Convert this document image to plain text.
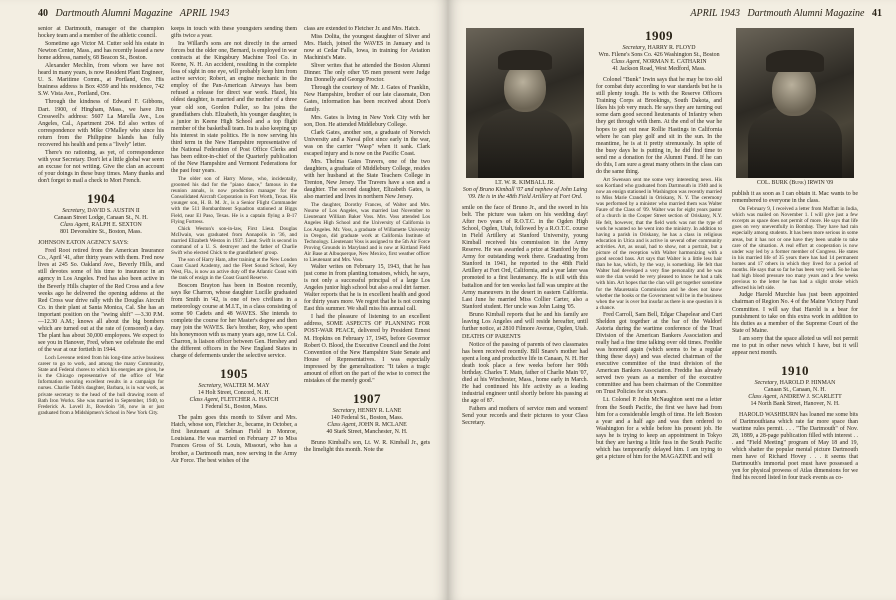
40 Dartmouth Alumni Magazine APRIL 1943

senior at Dartmouth, manager of the champion hockey team and a member of the athletic council.

Sometime ago Victor M. Cutter sold his estate in Newton Center, Mass., and has recently leased a new home address, namely, 68 Beacon St., Boston.

Alexander Mechlin, from whom we have not heard in many years, is now Resident Plant Engineer, U. S. Maritime Comm., at Portland, Ore. His business address is Box 4359 and his residence, 742 S.W. Vista Ave., Portland, Ore.

Through the kindness of Edward F. Gibbons, Dart. 1900, of Hingham, Mass., we have Jim Cresswell's address: 5607 La Marella Ave., Los Angeles, Cal., Apartment 204. Ed also writes of correspondence with Mike O'Malley who since his return from the Philippine Islands has fully recovered his health and pens a "lively" letter.

There's no rationing, as yet, of correspondence with your Secretary. Don't let a little global war seem an excuse for not writing. Give the clan an account of your doings in these busy times. Many thanks and don't forget to mail a check to Mort French.

1904
Secretary, DAVID S. AUSTIN II
Canaan Street Lodge, Canaan St., N. H.
Class Agent, RALPH E. SEXTON
801 Devonshire St., Boston, Mass.

JOHNSON EATON AGENCY SAYS:

Fred Root retired from the American Insurance Co., April '41, after thirty years with them. Fred now lives at 245 So. Oakland Ave., Beverly Hills, and still devotes some of his time to insurance in an agency in Los Angeles. Fred has also been active in the Beverly Hills chapter of the Red Cross and a few weeks ago he delivered the opening address at the Red Cross war drive rally with the Douglas Aircraft Co. in their plant at Santa Monica, Cal. She has an important position on the "swing shift" —3.30 P.M.—12.30 A.M.; knows all about the big bombers which are turned out at the rate of (censored) a day. The plant has about 30,000 employees. We expect to see you in Hanover, Fred, when we celebrate the end of the war at our fortieth in 1944.

Loch Levenne retired from his long-time active business career to go to work, and among the many Community, State and Federal chores to which his energies are given, he is the Chicago representative of the office of War Information securing excellent results in a campaign for nurses. Charlie Tobb's daughter, Barbara, is in war work, as private secretary to the head of the hull drawing room of Bath Iron Works. She was married in September, 1940, to Frederick A. Lovell Jr., Bowdoin '36, now in or just graduated from a Midshipmen's School in New York City.

keeps in touch with these youngsters sending them gifts twice a year.

Ira Willard's sons are not directly in the armed forces but the older one, Bernard, is employed in war contracts at the Kingsbury Machine Tool Co. in Keene, N. H. An accident, resulting in the complete loss of sight in one eye, will probably keep him from active service; Robert, an engine mechanic in the employ of the Pan-American Airways has been refused a release for direct war work. Hazel, his oldest daughter, is married and the mother of a three year old son, Gordon Fuller, so Ira joins the grandfathers club. Elizabeth, his younger daughter, is a junior in Keene High School and a top flight member of the basketball team. Ira is also keeping up his interest in state politics. He is now serving his third term in the New Hampshire representative of the National Federation of Post Office Clerks and has been editor-in-chief of the Quarterly publication of the New Hampshire and Vermont Federations for the past four years.

The older son of Harry Morse, who, incidentally, groomed his dad for the "piano dance," famous in the reunion annals, is now production manager for the Consolidated Aircraft Corporation in Fort Worth, Texas. His younger son, H. B. M. Jr., is a Senior Flight Commander with the 511 Bombardment Squadron stationed at Biggs Field, near El Paso, Texas. He is a captain flying a B-17 Flying Fortress.

Chick Weston's son-in-law, First Lieut. Douglas McIlwain, was graduated from Annapolis in '36, and married Elizabeth Weston in 1937. Lieut. Swift is second in command of a U. S. destroyer and the father of Charlie Swift who elected Chick to the grandfathers' group.

The son of Harry Ham, after training at the New London Coast Guard Academy, and the Fleet Sound School, Key West, Fla., is now an active duty off the Atlantic Coast with the rank of ensign in the Coast Guard Reserve.

Boscom Brayton has been in Boston recently, says Ike Charron, whose daughter Lucille graduated from Smith in '42, is one of two civilians in a meteorology course at M.I.T., in a class consisting of some 90 Cadets and 48 WAVES. She intends to complete the course for her Master's degree and then may join the WAVES. Ike's brother, Roy, who spent his honeymoon with us many years ago, now Lt. Col. Charron, is liaison officer between Gen. Hershey and the different officers in the New England States in charge of deferments under the selective service.

1905
Secretary, WALTER M. MAY
14 Holt Street, Concord, N. H.
Class Agent, FLETCHER A. HATCH
1 Federal St., Boston, Mass.

The palm goes this month to Silver and Mrs. Hatch, whose son, Fletcher Jr., became, in October, a first lieutenant at Selman Field in Monroe, Louisiana. He was married on February 27 to Miss Frances Gross of St. Louis, Missouri, who has a brother, a Dartmouth man, now serving in the Army Air Force. The best wishes of the

class are extended to Fletcher Jr. and Mrs. Hatch.

Miss Dolita, the youngest daughter of Sliver and Mrs. Hatch, joined the WAVES in January and is now at Cedar Falls, Iowa, in training for Aviation Machinist's Mate.

Sliver writes that he attended the Boston Alumni Dinner. The only other '05 men present were Judge Jim Donnelly and George Proctor.

Through the courtesy of Mr. J. Gates of Franklin, New Hampshire, brother of our late classmate, Don Gates, information has been received about Don's family.

Mrs. Gates is living in New York City with her son, Don. He attended Middlebury College.

Clark Gates, another son, a graduate of Norwich University and a Naval pilot since early in the war, was on the carrier "Wasp" when it sank. Clark escaped injury and is now on the Pacific Coast.

Mrs. Thelma Gates Travers, one of the two daughters, a graduate of Middlebury College, resides with her husband at the State Teachers College in Trenton, New Jersey. The Travers have a son and a daughter. The second daughter, Elizabeth Gates, is also married and lives in northern New Jersey.

The daughter, Dorothy Frances, of Walter and Mrs. Nourse of Los Angeles, was married last November to Lieutenant William Baker Voss. Mrs. Voss attended Los Angeles High School and the University of California in Los Angeles. Mr. Voss, a graduate of Willamette University in Oregon, did graduate work at California Institute of Technology. Lieutenant Voss is assigned to the 5th Air Force Proving Grounds in Maryland and is now at Kirtland Field Air Base at Albuquerque, New Mexico, first weather officer to Lieutenant and Mrs. Voss.

Walter writes on February 15, 1943, that he has just come in from planting tomatoes, which, he says, is not only a successful principal of a large Los Angeles junior high school but also a real dirt farmer. Walter reports that he is in excellent health and good for thirty years more. We regret that he is not coming East this summer. We shall miss his annual call.

I had the pleasure of listening to an excellent address, SOME ASPECTS OF PLANNING FOR POST-WAR PEACE, delivered by President Ernest M. Hopkins on February 17, 1945, before Governor Robert O. Blood, the Executive Council and the Joint Convention of the New Hampshire State Senate and House of Representatives. I was especially impressed by the generalization: "It takes a tragic amount of effort on the part of the wise to correct the mistakes of the merely good."

1907
Secretary, HENRY R. LANE
140 Federal St., Boston, Mass.
Class Agent, JOHN R. MCLANE
40 Stark Street, Manchester, N. H.

Bruno Kimball's son, Lt. W. R. Kimball Jr., gets the limelight this month. Note the

APRIL 1943 Dartmouth Alumni Magazine 41
LT. W. R. KIMBALL JR.
Son of Bruno Kimball '07 and nephew of John Laing '09. He is in the 48th Field Artillery at Fort Ord.

smile on the face of Bruno Jr., and the sword in his belt. The picture was taken on his wedding day! After two years of R.O.T.C. in the Ogden High School, Ogden, Utah, followed by a R.O.T.C. course in Field Artillery at Stanford University, young Kimball received his commission in the Army Reserve. He was awarded a prize at Stanford by the Army for outstanding work there. Graduating from Stanford in 1941, he reported to the 48th Field Artillery at Fort Ord, California, and a year later was promoted to a first lieutenancy. He is still with this battalion and for ten weeks last fall was umpire at the Army maneuvers in the desert in eastern California. Last June he married Miss Collier Carter, also a Stanford student. Her uncle was John Laing '05.

Bruno Kimball reports that he and his family are leaving Los Angeles and will reside hereafter, until further notice, at 2810 Filmore Avenue, Ogden, Utah.

DEATHS OF PARENTS

Notice of the passing of parents of two classmates has been received recently. Bill Snare's mother had spent a long and productive life in Canaan, N. H. Her death took place a few weeks before her 90th birthday. Charles T. Main, father of Charlie Main '07, died at his Winchester, Mass., home early in March. He had continued his life activity as a leading industrial engineer until shortly before his passing at the age of 87.

Fathers and mothers of service men and women! Send your records and their pictures to your Class Secretary.

1909
Secretary, HARRY R. FLOYD
Wm. Filene's Sons Co. 426 Washington St., Boston
Class Agent, NORMAN E. CATHARIN
41 Jackson Road, West Medford, Mass.

Colonel "Bunk" Irwin says that he may be too old for combat duty according to war standards but he is still plenty tough. He is with the Reserve Officers Training Corps at Brookings, South Dakota, and likes his job very much. He says they are turning out some darn good second lieutenants of Infantry when they get through with them. At the end of the war he hopes to get out near Rollie Hastings in California where he can play golf and sit in the sun. In the meantime, he is at it pretty strenuously. In spite of the busy days he is putting in, he did find time to send me a donation for the Alumni Fund. If he can do this, I am sure a great many others in the class can do the same thing.

Art Swenson sent me some very interesting news. His son Kortland who graduated from Dartmouth in 1940 and is now an ensign stationed in Washington was recently married to Miss Marie Crandall in Oriskany, N. Y. The ceremony was performed by a minister who married them was Walter Faure of the Class of '09. Walter was for eight years pastor of a church in the Cooper Street section of Oriskany, N.Y. He felt, however, that the field work was not the type of work he wanted so he went into the ministry. In addition to having a parish in Oriskany, he has a class in religious education in Utica and is active in several other community activities. Art, as usual, had to show, not a portrait, but a picture of the reception with Walter harmonizing with a good second bass. Art says that Walter is a little less hair than he has, which, by the way, is something. He felt that Walter had developed a very fine personality and he was sure the clan would be very pleased to know he had a talk with him. Art hopes that the clan will get together sometime for the Mauretania Commission and he does not know whether the books or the Government will be in the business when the war is over but insofar as there is one question it is a chance.

Fred Carroll, Sam Bell, Edgar Chapelear and Curt Sheldon got together at the bar of the Waldorf Astoria during the wartime conference of the Trust Division of the American Bankers Association and really had a fine time talking over old times. Freddie was honored again (which seems to be a regular thing these days) and was elected chairman of the executive committee of the trust division of the American Bankers Association. Freddie has already served two years as a member of the executive committee and has been chairman of the Committee on Trust Policies for six years.

Lt. Colonel P. John McNaughton sent me a letter from the South Pacific, the first we have had from him for a considerable length of time. He left Boston a year and a half ago and was then ordered to Washington for a while before his present job. He says he is trying to keep an appointment in Tokyo but they are having a little fuss in the South Pacific which has temporarily delayed him. I am trying to get a picture of him for the MAGAZINE and will

COL. BURK (Bunk) IRWIN '09

publish it as soon as I can obtain it. Mac wants to be remembered to everyone in the class.

On February 9, I received a letter from Moffatt in India, which was mailed on November 1. I will give just a few excerpts as space does not permit of more. He says that life goes on very uneventfully in Bombay. They have had rain especially among students. It has been more serious in some areas, but it has not or one have they been unable to take care of the situation. A real effort at cooperation is now under way led by a former member of Congress. He states in his married life of 35 years there has had 14 permanent homes and 17 others in which they lived for a period of months. He says that so far he has been very well. So he has had high blood pressure too many years and a few weeks previous to the letter he has had a slight stroke which affected his left side.

Judge Harold Murchie has just been appointed chairman of Region No. 4 of the Maine Victory Fund Committee. I will say that Harold is a bear for punishment to take on this extra work in addition to his duties as a member of the Supreme Court of the State of Maine.

I am sorry that the space alloted us will not permit me to put in other news which I have, but it will appear next month.

1910
Secretary, HAROLD P. HINMAN
Canaan St., Canaan, N. H.
Class Agent, ANDREW J. SCARLETT
14 North Bank Street, Hanover, N. H.

HAROLD WASHBURN has loaned me some bits of Dartmouthiana which rate far more space than wartime rules permit. . . . "The Dartmouth" of Nov. 28, 1889, a 28-page publication filled with interest . . . and "Field Meeting" program of May 18 and 19, which shatter the popular mental picture Dartmouth men have of Richard Hovey . . . it seems that Dartmouth's immortal poet must have possessed a yen for physical prowess of Atlas dimensions for we find his record listed in four track events as co-
